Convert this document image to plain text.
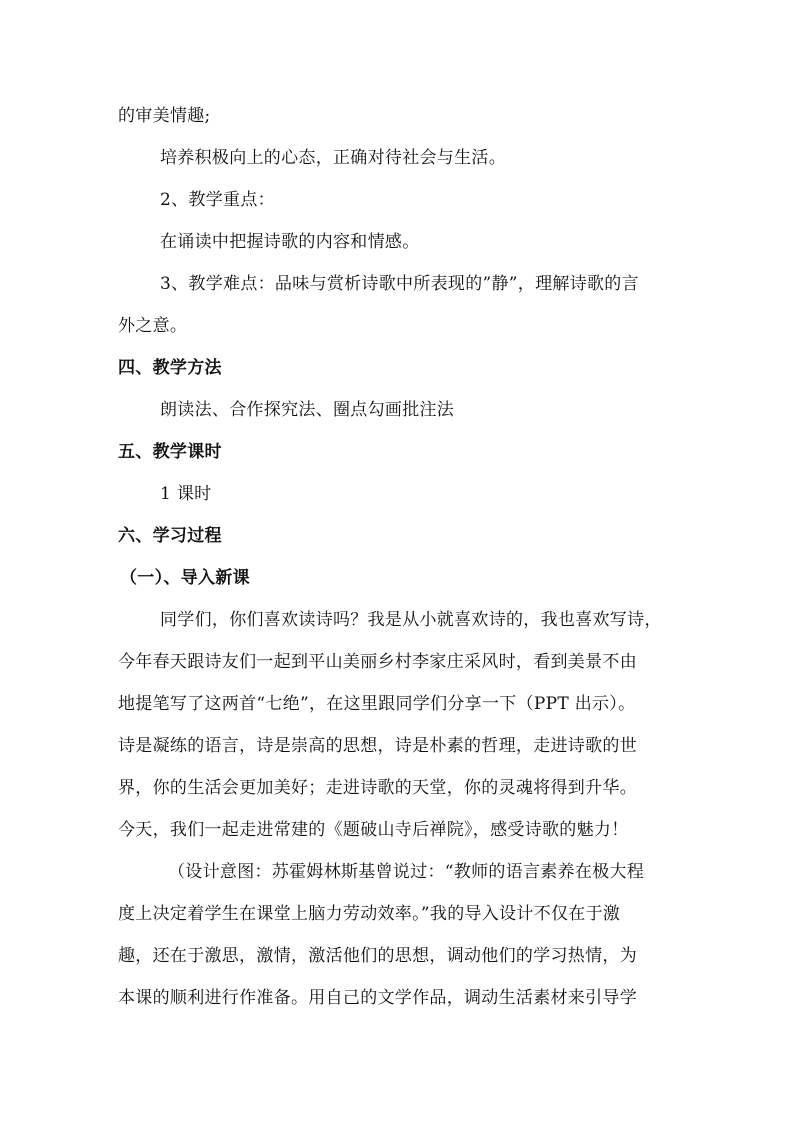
的审美情趣;
培养积极向上的心态，正确对待社会与生活。
2、教学重点：
在诵读中把握诗歌的内容和情感。
3、教学难点：品味与赏析诗歌中所表现的”静”，理解诗歌的言
外之意。
四、教学方法
朗读法、合作探究法、圈点勾画批注法
五、教学课时
1 课时
六、学习过程
（一）、导入新课
同学们，你们喜欢读诗吗？我是从小就喜欢诗的，我也喜欢写诗，
今年春天跟诗友们一起到平山美丽乡村李家庄采风时，看到美景不由
地提笔写了这两首“七绝”，在这里跟同学们分享一下（PPT 出示）。
诗是凝练的语言，诗是崇高的思想，诗是朴素的哲理，走进诗歌的世
界，你的生活会更加美好；走进诗歌的天堂，你的灵魂将得到升华。
今天，我们一起走进常建的《题破山寺后禅院》，感受诗歌的魅力！
（设计意图：苏霍姆林斯基曾说过：“教师的语言素养在极大程
度上决定着学生在课堂上脑力劳动效率。”我的导入设计不仅在于激
趣，还在于激思，激情，激活他们的思想，调动他们的学习热情，为
本课的顺利进行作准备。用自己的文学作品，调动生活素材来引导学
